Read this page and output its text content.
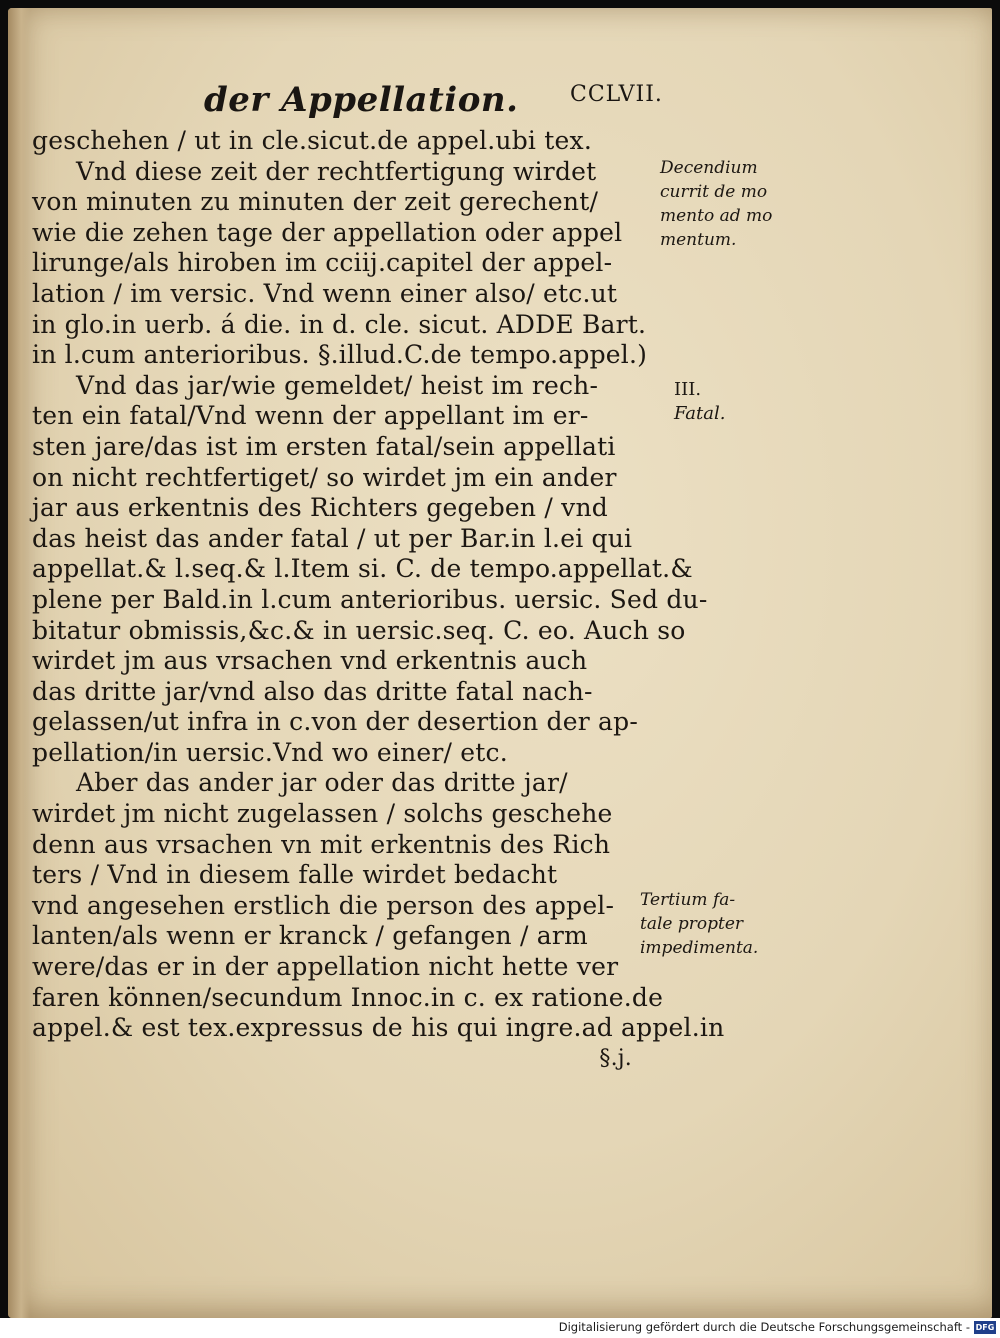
der Appellation. CCLVII.
geschehen / ut in cle.sicut.de appel.ubi tex.
Vnd diese zeit der rechtfertigung wirdet
von minuten zu minuten der zeit gerechent/
wie die zehen tage der appellation oder appel
lirunge/als hiroben im cciij.capitel der appel-
lation / im versic. Vnd wenn einer also/ etc.ut
in glo.in uerb. á die. in d. cle. sicut. ADDE Bart.
in l.cum anterioribus. §.illud.C.de tempo.appel.)
Vnd das jar/wie gemeldet/ heist im rech-
ten ein fatal/Vnd wenn der appellant im er-
sten jare/das ist im ersten fatal/sein appellati
on nicht rechtfertiget/ so wirdet jm ein ander
jar aus erkentnis des Richters gegeben / vnd
das heist das ander fatal / ut per Bar.in l.ei qui
appellat.& l.seq.& l.Item si. C. de tempo.appellat.&
plene per Bald.in l.cum anterioribus. uersic. Sed du-
bitatur obmissis,&c.& in uersic.seq. C. eo. Auch so
wirdet jm aus vrsachen vnd erkentnis auch
das dritte jar/vnd also das dritte fatal nach-
gelassen/ut infra in c.von der desertion der ap-
pellation/in uersic.Vnd wo einer/ etc.
Aber das ander jar oder das dritte jar/
wirdet jm nicht zugelassen / solchs geschehe
denn aus vrsachen vn mit erkentnis des Rich
ters / Vnd in diesem falle wirdet bedacht
vnd angesehen erstlich die person des appel-
lanten/als wenn er kranck / gefangen / arm
were/das er in der appellation nicht hette ver
faren können/secundum Innoc.in c. ex ratione.de
appel.& est tex.expressus de his qui ingre.ad appel.in
§.j.
Decendium
currit de mo
mento ad mo
mentum.
III.
Fatal.
Tertium fa-
tale propter
impedimenta.
Digitalisierung gefördert durch die Deutsche Forschungsgemeinschaft - DFG
